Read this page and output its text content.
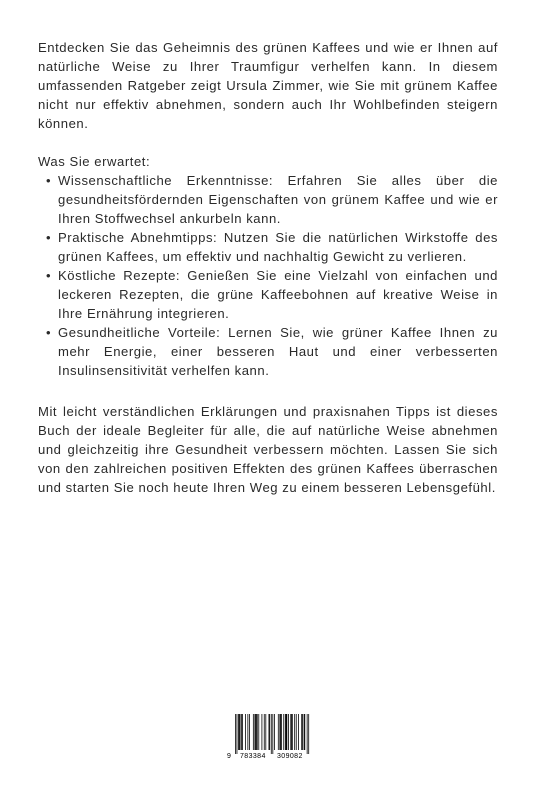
Entdecken Sie das Geheimnis des grünen Kaffees und wie er Ihnen auf natürliche Weise zu Ihrer Traumfigur verhelfen kann. In diesem umfassenden Ratgeber zeigt Ursula Zimmer, wie Sie mit grünem Kaffee nicht nur effektiv abnehmen, sondern auch Ihr Wohlbefinden steigern können.

Was Sie erwartet:

• Wissenschaftliche Erkenntnisse: Erfahren Sie alles über die gesundheitsfördernden Eigenschaften von grünem Kaffee und wie er Ihren Stoffwechsel ankurbeln kann.
• Praktische Abnehmtipps: Nutzen Sie die natürlichen Wirkstoffe des grünen Kaffees, um effektiv und nachhaltig Gewicht zu verlieren.
• Köstliche Rezepte: Genießen Sie eine Vielzahl von einfachen und leckeren Rezepten, die grüne Kaffeebohnen auf kreative Weise in Ihre Ernährung integrieren.
• Gesundheitliche Vorteile: Lernen Sie, wie grüner Kaffee Ihnen zu mehr Energie, einer besseren Haut und einer verbesserten Insulinsensitivität verhelfen kann.

Mit leicht verständlichen Erklärungen und praxisnahen Tipps ist dieses Buch der ideale Begleiter für alle, die auf natürliche Weise abnehmen und gleichzeitig ihre Gesundheit verbessern möchten. Lassen Sie sich von den zahlreichen positiven Effekten des grünen Kaffees überraschen und starten Sie noch heute Ihren Weg zu einem besseren Lebensgefühl.

9 783384 309082
